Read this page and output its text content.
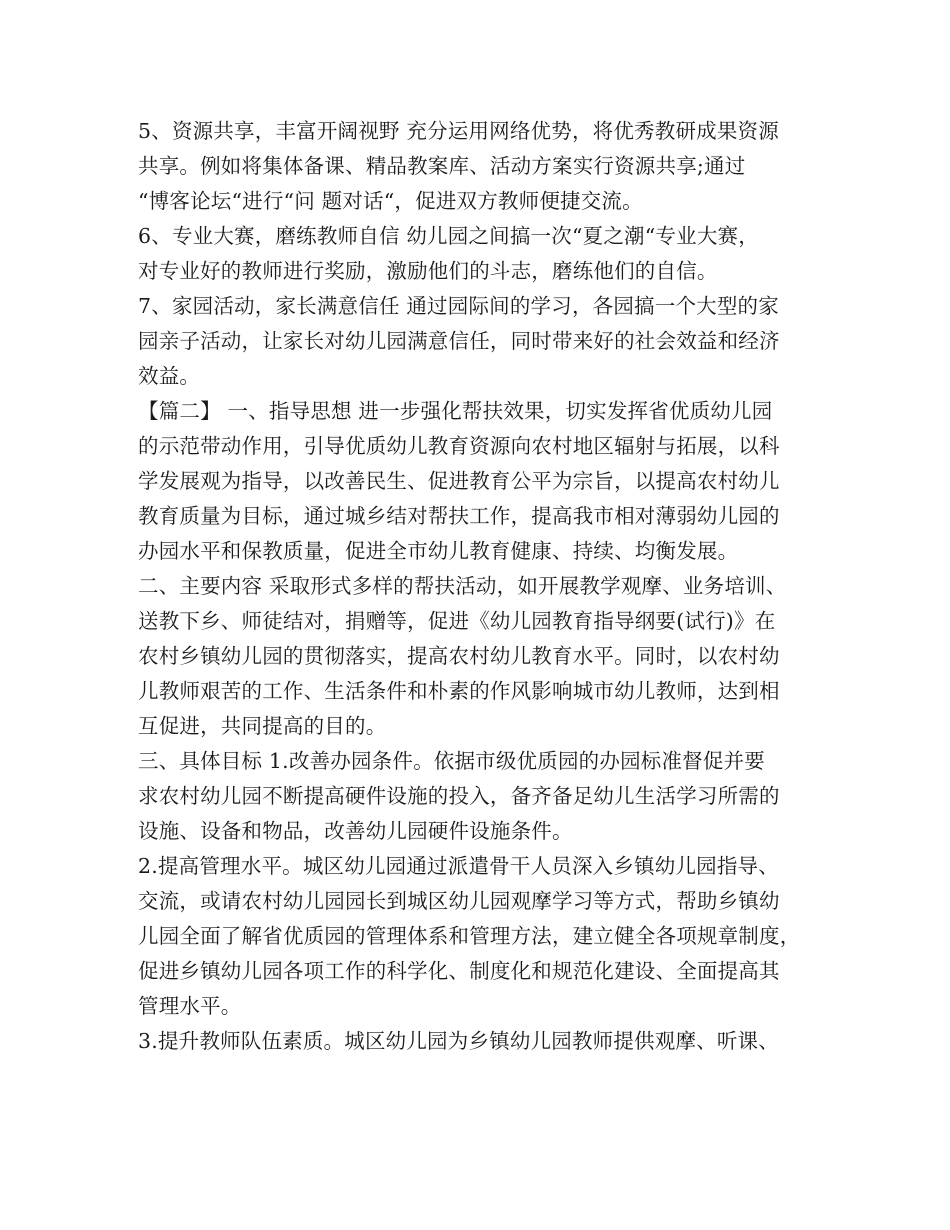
5、资源共享，丰富开阔视野 充分运用网络优势，将优秀教研成果资源
共享。例如将集体备课、精品教案库、活动方案实行资源共享;通过
“博客论坛“进行“问 题对话“，促进双方教师便捷交流。
6、专业大赛，磨练教师自信 幼儿园之间搞一次“夏之潮“专业大赛，
对专业好的教师进行奖励，激励他们的斗志，磨练他们的自信。
7、家园活动，家长满意信任 通过园际间的学习，各园搞一个大型的家
园亲子活动，让家长对幼儿园满意信任，同时带来好的社会效益和经济
效益。
【篇二】 一、指导思想 进一步强化帮扶效果，切实发挥省优质幼儿园
的示范带动作用，引导优质幼儿教育资源向农村地区辐射与拓展，以科
学发展观为指导，以改善民生、促进教育公平为宗旨，以提高农村幼儿
教育质量为目标，通过城乡结对帮扶工作，提高我市相对薄弱幼儿园的
办园水平和保教质量，促进全市幼儿教育健康、持续、均衡发展。
二、主要内容 采取形式多样的帮扶活动，如开展教学观摩、业务培训、
送教下乡、师徒结对，捐赠等，促进《幼儿园教育指导纲要(试行)》在
农村乡镇幼儿园的贯彻落实，提高农村幼儿教育水平。同时，以农村幼
儿教师艰苦的工作、生活条件和朴素的作风影响城市幼儿教师，达到相
互促进，共同提高的目的。
三、具体目标 1.改善办园条件。依据市级优质园的办园标准督促并要
求农村幼儿园不断提高硬件设施的投入，备齐备足幼儿生活学习所需的
设施、设备和物品，改善幼儿园硬件设施条件。
2.提高管理水平。城区幼儿园通过派遣骨干人员深入乡镇幼儿园指导、
交流，或请农村幼儿园园长到城区幼儿园观摩学习等方式，帮助乡镇幼
儿园全面了解省优质园的管理体系和管理方法，建立健全各项规章制度，
促进乡镇幼儿园各项工作的科学化、制度化和规范化建设、全面提高其
管理水平。
3.提升教师队伍素质。城区幼儿园为乡镇幼儿园教师提供观摩、听课、
